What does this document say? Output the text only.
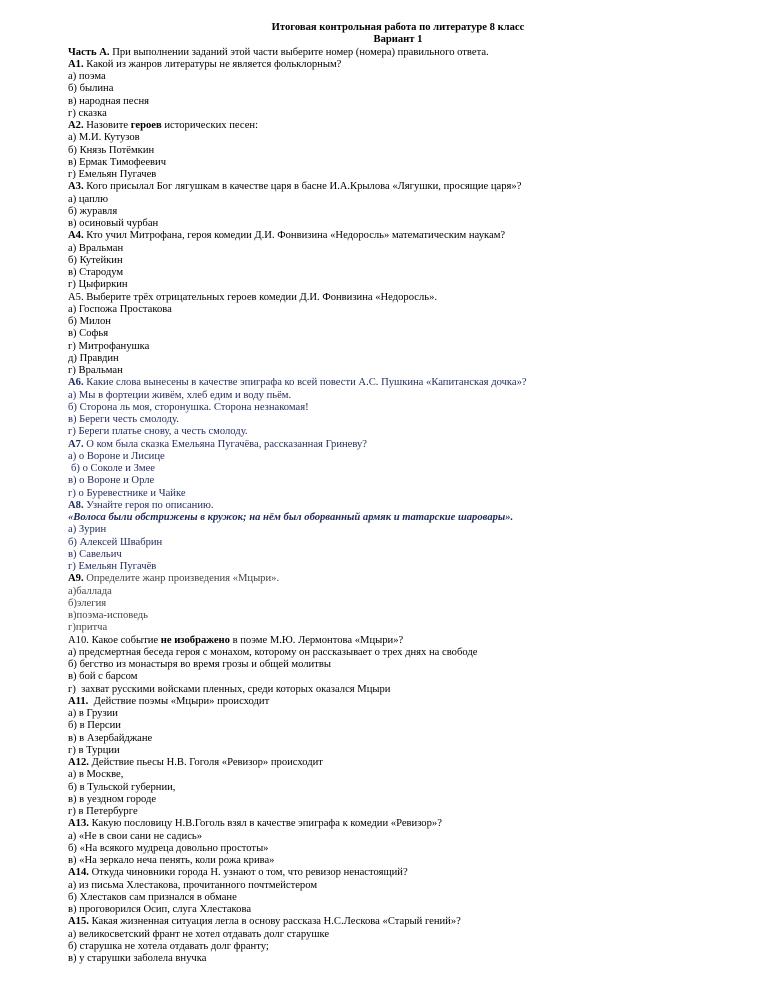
Итоговая контрольная работа по литературе 8 класс
Вариант 1
Часть А. При выполнении заданий этой части выберите номер (номера) правильного ответа.
А1. Какой из жанров литературы не является фольклорным?
а) поэма
б) былина
в) народная песня
г) сказка
А2. Назовите героев исторических песен:
а) М.И. Кутузов
б) Князь Потёмкин
в) Ермак Тимофеевич
г) Емельян Пугачев
А3. Кого присылал Бог лягушкам в качестве царя в басне И.А.Крылова «Лягушки, просящие царя»?
а) цаплю
б) журавля
в) осиновый чурбан
А4. Кто учил Митрофана, героя комедии Д.И. Фонвизина «Недоросль» математическим наукам?
а) Вральман
б) Кутейкин
в) Стародум
г) Цыфиркин
А5. Выберите трёх отрицательных героев комедии Д.И. Фонвизина «Недоросль».
а) Госпожа Простакова
б) Милон
в) Софья
г) Митрофанушка
д) Правдин
г) Вральман
А6. Какие слова вынесены в качестве эпиграфа ко всей повести А.С. Пушкина «Капитанская дочка»?
а) Мы в фортеции живём, хлеб едим и воду пьём.
б) Сторона ль моя, сторонушка. Сторона незнакомая!
в) Береги честь смолоду.
г) Береги платье снову, а честь смолоду.
А7. О ком была сказка Емельяна Пугачёва, рассказанная Гриневу?
а) о Вороне и Лисице
б) о Соколе и Змее
в) о Вороне и Орле
г) о Буревестнике и Чайке
А8. Узнайте героя по описанию.
«Волоса были обстрижены в кружок; на нём был оборванный армяк и татарские шаровары».
а) Зурин
б) Алексей Швабрин
в) Савельич
г) Емельян Пугачёв
А9. Определите жанр произведения «Мцыри».
а)баллада
б)элегия
в)поэма-исповедь
г)притча
А10. Какое событие не изображено в поэме М.Ю. Лермонтова «Мцыри»?
а) предсмертная беседа героя с монахом, которому он рассказывает о трех днях на свободе
б) бегство из монастыря во время грозы и общей молитвы
в) бой с барсом
г)  захват русскими войсками пленных, среди которых оказался Мцыри
А11.  Действие поэмы «Мцыри» происходит
а) в Грузии
б) в Персии
в) в Азербайджане
г) в Турции
А12. Действие пьесы Н.В. Гоголя «Ревизор» происходит
а) в Москве,
б) в Тульской губернии,
в) в уездном городе
г) в Петербурге
А13. Какую пословицу Н.В.Гоголь взял в качестве эпиграфа к комедии «Ревизор»?
а) «Не в свои сани не садись»
б) «На всякого мудреца довольно простоты»
в) «На зеркало неча пенять, коли рожа крива»
А14. Откуда чиновники города Н. узнают о том, что ревизор ненастоящий?
а) из письма Хлестакова, прочитанного почтмейстером
б) Хлестаков сам признался в обмане
в) проговорился Осип, слуга Хлестакова
А15. Какая жизненная ситуация легла в основу рассказа Н.С.Лескова «Старый гений»?
а) великосветский франт не хотел отдавать долг старушке
б) старушка не хотела отдавать долг франту;
в) у старушки заболела внучка
